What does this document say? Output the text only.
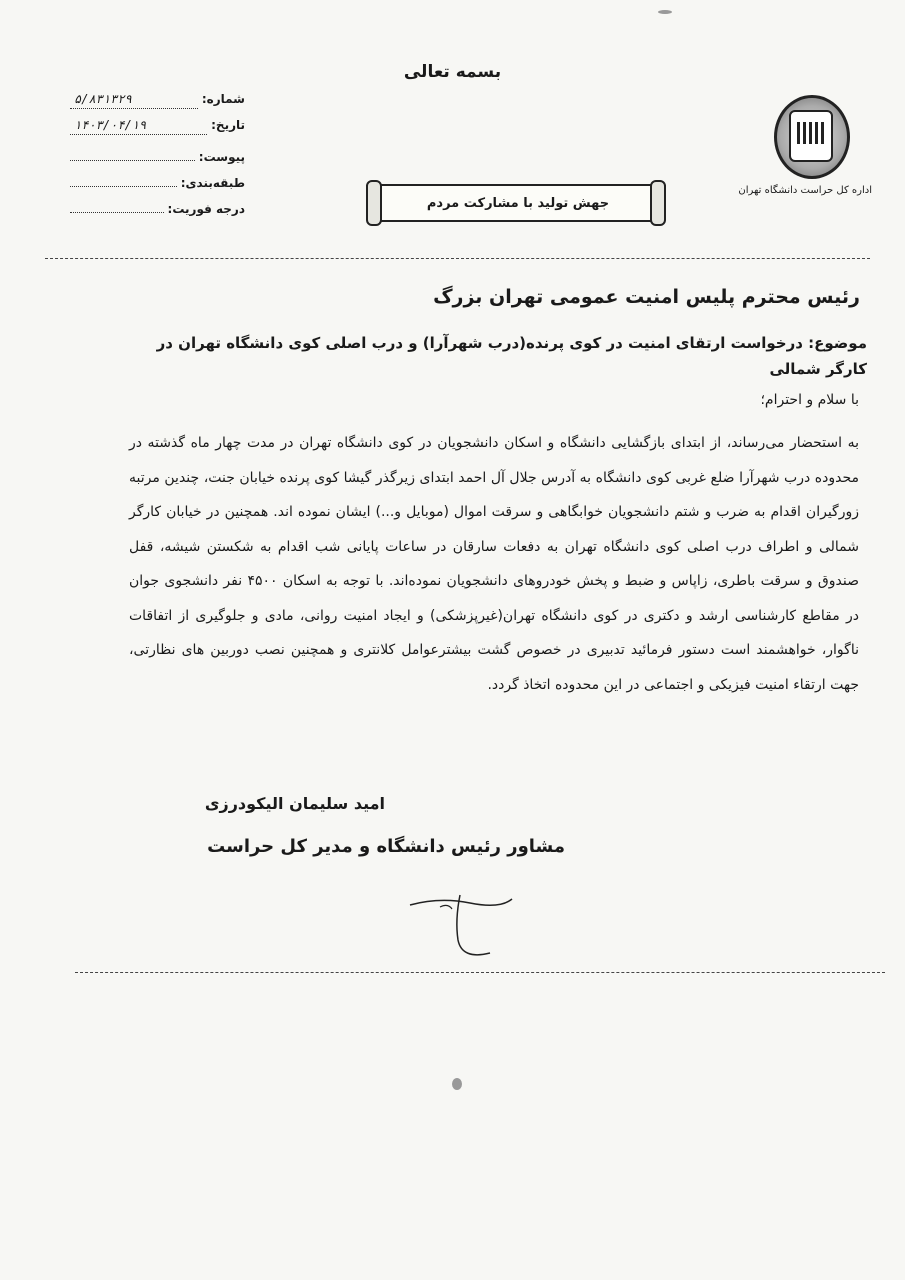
بسمه تعالی
اداره کل حراست دانشگاه تهران
شماره:
۵/۸۳۱۳۲۹
تاریخ:
۱۴۰۳/۰۴/۱۹
پیوست:
طبقه‌بندی:
درجه فوریت:	جهش تولید با مشارکت مردم
رئیس محترم پلیس امنیت عمومی تهران بزرگ
موضوع: درخواست ارتقای امنیت در کوی پرنده(درب شهرآرا) و درب اصلی کوی دانشگاه تهران در کارگر شمالی
با سلام و احترام؛
به استحضار می‌رساند، از ابتدای بازگشایی دانشگاه و اسکان دانشجویان در کوی دانشگاه تهران در مدت چهار ماه گذشته در محدوده درب شهرآرا ضلع غربی کوی دانشگاه به آدرس جلال آل احمد ابتدای زیرگذر گیشا کوی پرنده خیابان جنت، چندین مرتبه زورگیران اقدام به ضرب و شتم دانشجویان خوابگاهی و سرقت اموال (موبایل و...) ایشان نموده اند. همچنین در خیابان کارگر شمالی و اطراف درب اصلی کوی دانشگاه تهران به دفعات سارقان در ساعات پایانی شب اقدام به شکستن شیشه، قفل صندوق و سرقت باطری، زاپاس و ضبط و پخش خودروهای دانشجویان نموده‌اند. با توجه به اسکان ۴۵۰۰ نفر دانشجوی جوان در مقاطع کارشناسی ارشد و دکتری در کوی دانشگاه تهران(غیرپزشکی) و ایجاد امنیت روانی، مادی و جلوگیری از اتفاقات ناگوار، خواهشمند است دستور فرمائید تدبیری در خصوص گشت بیشترعوامل کلانتری و همچنین نصب دوربین های نظارتی، جهت ارتقاء امنیت فیزیکی و اجتماعی در این محدوده اتخاذ گردد.
امید سلیمان الیکودرزی
مشاور رئیس دانشگاه و مدیر کل حراست
